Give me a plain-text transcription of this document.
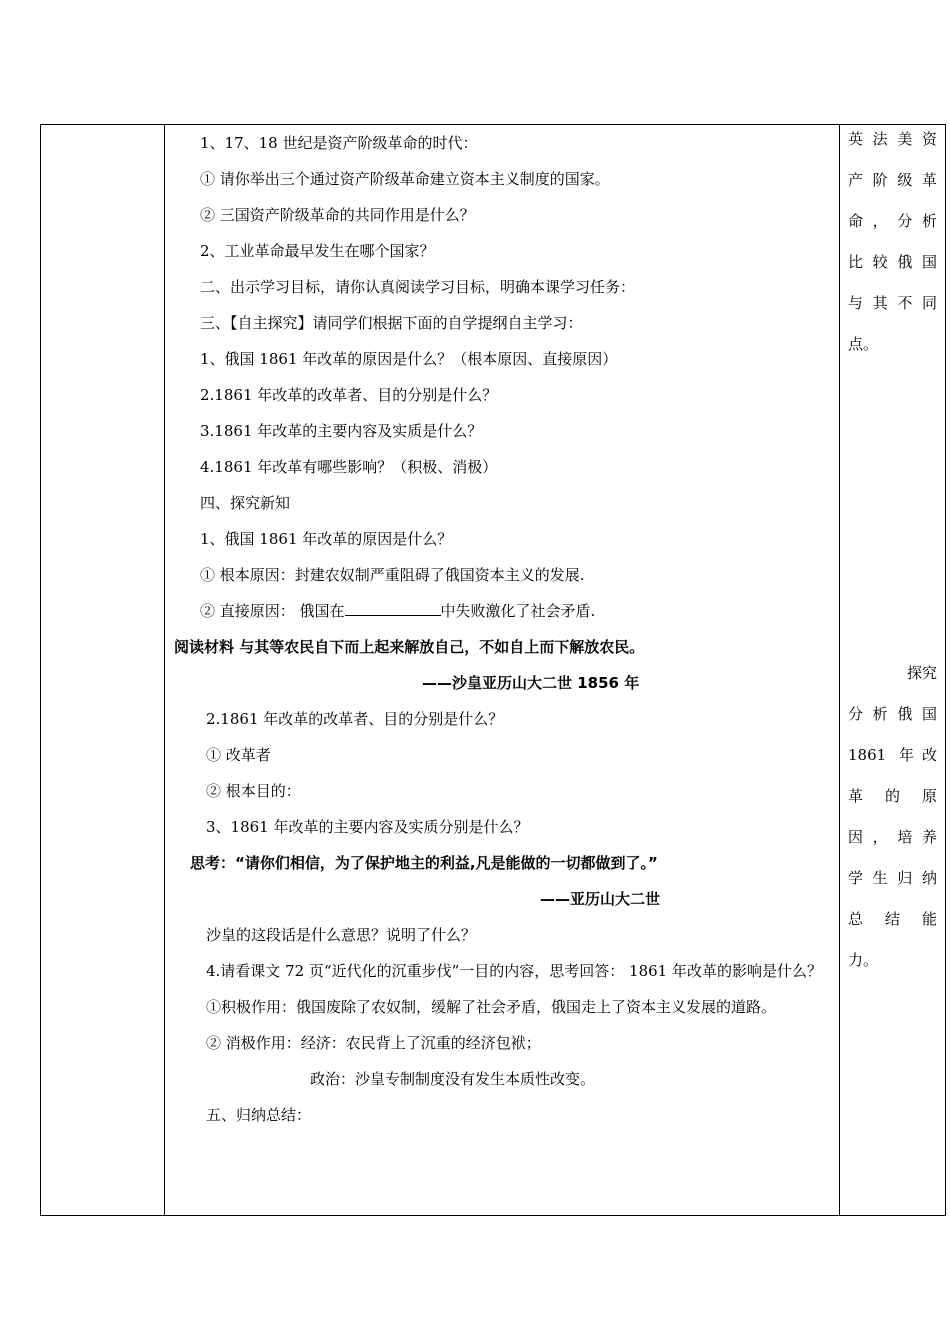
1、17、18 世纪是资产阶级革命的时代：
① 请你举出三个通过资产阶级革命建立资本主义制度的国家。
② 三国资产阶级革命的共同作用是什么？
2、工业革命最早发生在哪个国家？
二、出示学习目标，请你认真阅读学习目标，明确本课学习任务：
三、【自主探究】请同学们根据下面的自学提纲自主学习：
1、俄国 1861 年改革的原因是什么？（根本原因、直接原因）
2.1861 年改革的改革者、目的分别是什么？
3.1861 年改革的主要内容及实质是什么？
4.1861 年改革有哪些影响？（积极、消极）
四、探究新知
1、俄国 1861 年改革的原因是什么？
① 根本原因：封建农奴制严重阻碍了俄国资本主义的发展.
② 直接原因： 俄国在	中失败激化了社会矛盾.
阅读材料 与其等农民自下而上起来解放自己，不如自上而下解放农民。
——沙皇亚历山大二世 1856 年
2.1861 年改革的改革者、目的分别是什么？
① 改革者
② 根本目的：
3、1861 年改革的主要内容及实质分别是什么？
思考：“请你们相信，为了保护地主的利益,凡是能做的一切都做到了。”
——亚历山大二世
沙皇的这段话是什么意思？说明了什么？
4.请看课文 72 页“近代化的沉重步伐”一目的内容，思考回答： 1861 年改革的影响是什么？
①积极作用：俄国废除了农奴制，缓解了社会矛盾，俄国走上了资本主义发展的道路。
② 消极作用：经济：农民背上了沉重的经济包袱；
政治：沙皇专制制度没有发生本质性改变。
五、归纳总结：

英法美资
产阶级革
命，分析
比较俄国
与其不同
点。
探究
分析俄国
1861 年改
革的原
因，培养
学生归纳
总结能
力。
